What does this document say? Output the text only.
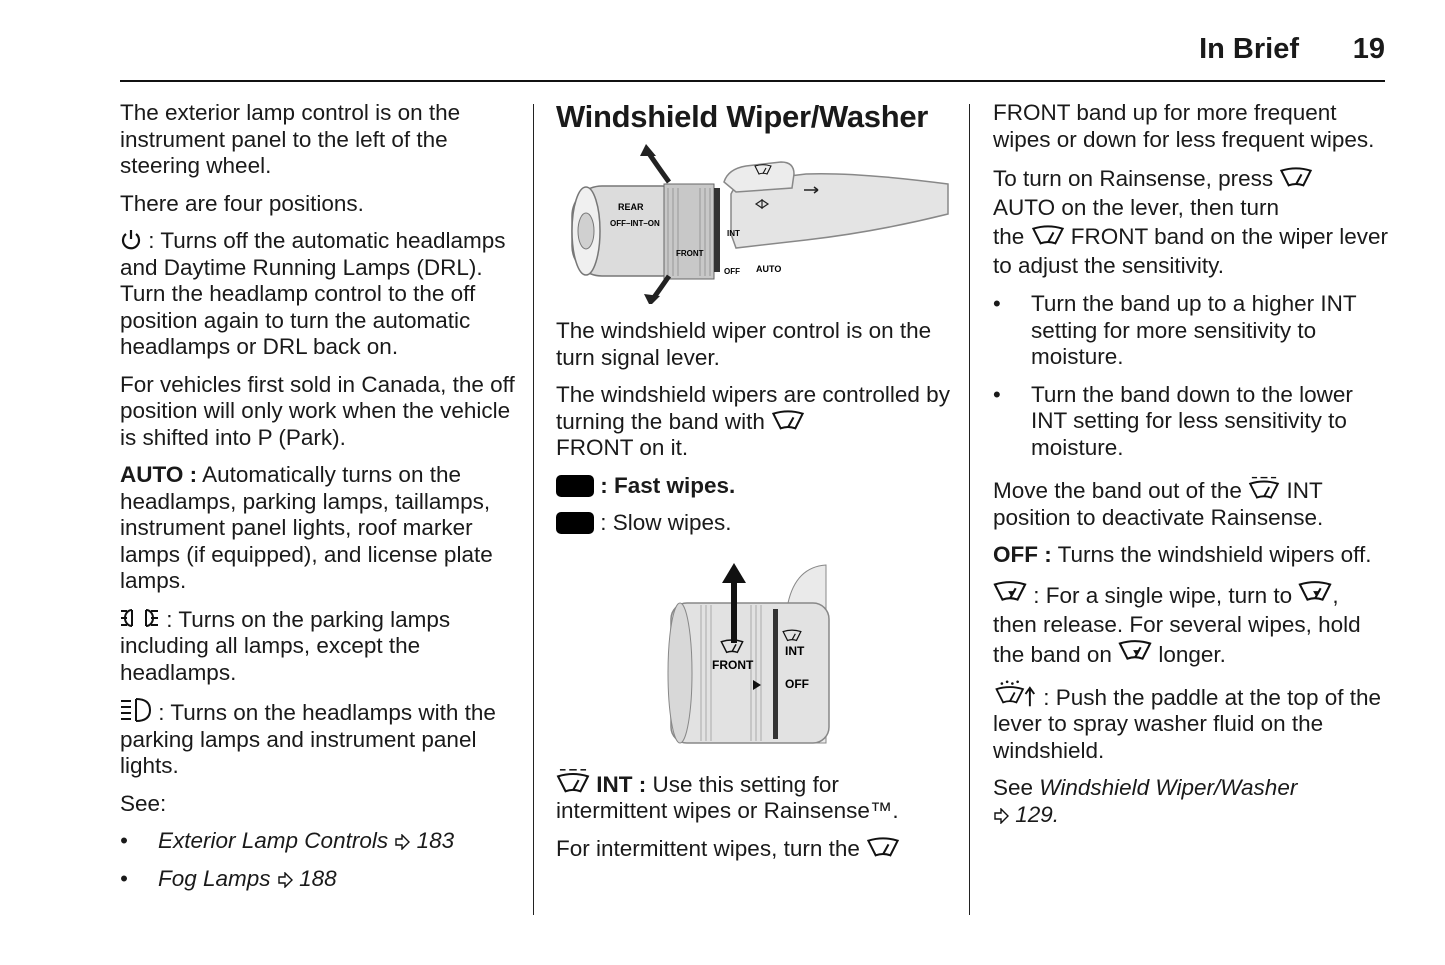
In Brief 19

The exterior lamp control is on the instrument panel to the left of the steering wheel.

There are four positions.

: Turns off the automatic headlamps and Daytime Running Lamps (DRL). Turn the headlamp control to the off position again to turn the automatic headlamps or DRL back on.

For vehicles first sold in Canada, the off position will only work when the vehicle is shifted into P (Park).

AUTO : Automatically turns on the headlamps, parking lamps, taillamps, instrument panel lights, roof marker lamps (if equipped), and license plate lamps.

: Turns on the parking lamps including all lamps, except the headlamps.

: Turns on the headlamps with the parking lamps and instrument panel lights.

See:

• Exterior Lamp Controls 183
• Fog Lamps 188
Windshield Wiper/Washer
REAR
OFF–INT–ON
FRONT
INT
OFF AUTO

The windshield wiper control is on the turn signal lever.

The windshield wipers are controlled by turning the band with
FRONT on it.

: Fast wipes.

: Slow wipes.

FRONT
INT
OFF

INT : Use this setting for intermittent wipes or Rainsense™.

For intermittent wipes, turn the

FRONT band up for more frequent wipes or down for less frequent wipes.

To turn on Rainsense, press
AUTO on the lever, then turn
the  FRONT band on the wiper lever to adjust the sensitivity.

• Turn the band up to a higher INT setting for more sensitivity to moisture.
• Turn the band down to the lower INT setting for less sensitivity to moisture.

Move the band out of the  INT position to deactivate Rainsense.

OFF : Turns the windshield wipers off.

: For a single wipe, turn to , then release. For several wipes, hold the band on  longer.

: Push the paddle at the top of the lever to spray washer fluid on the windshield.

See Windshield Wiper/Washer
129.
